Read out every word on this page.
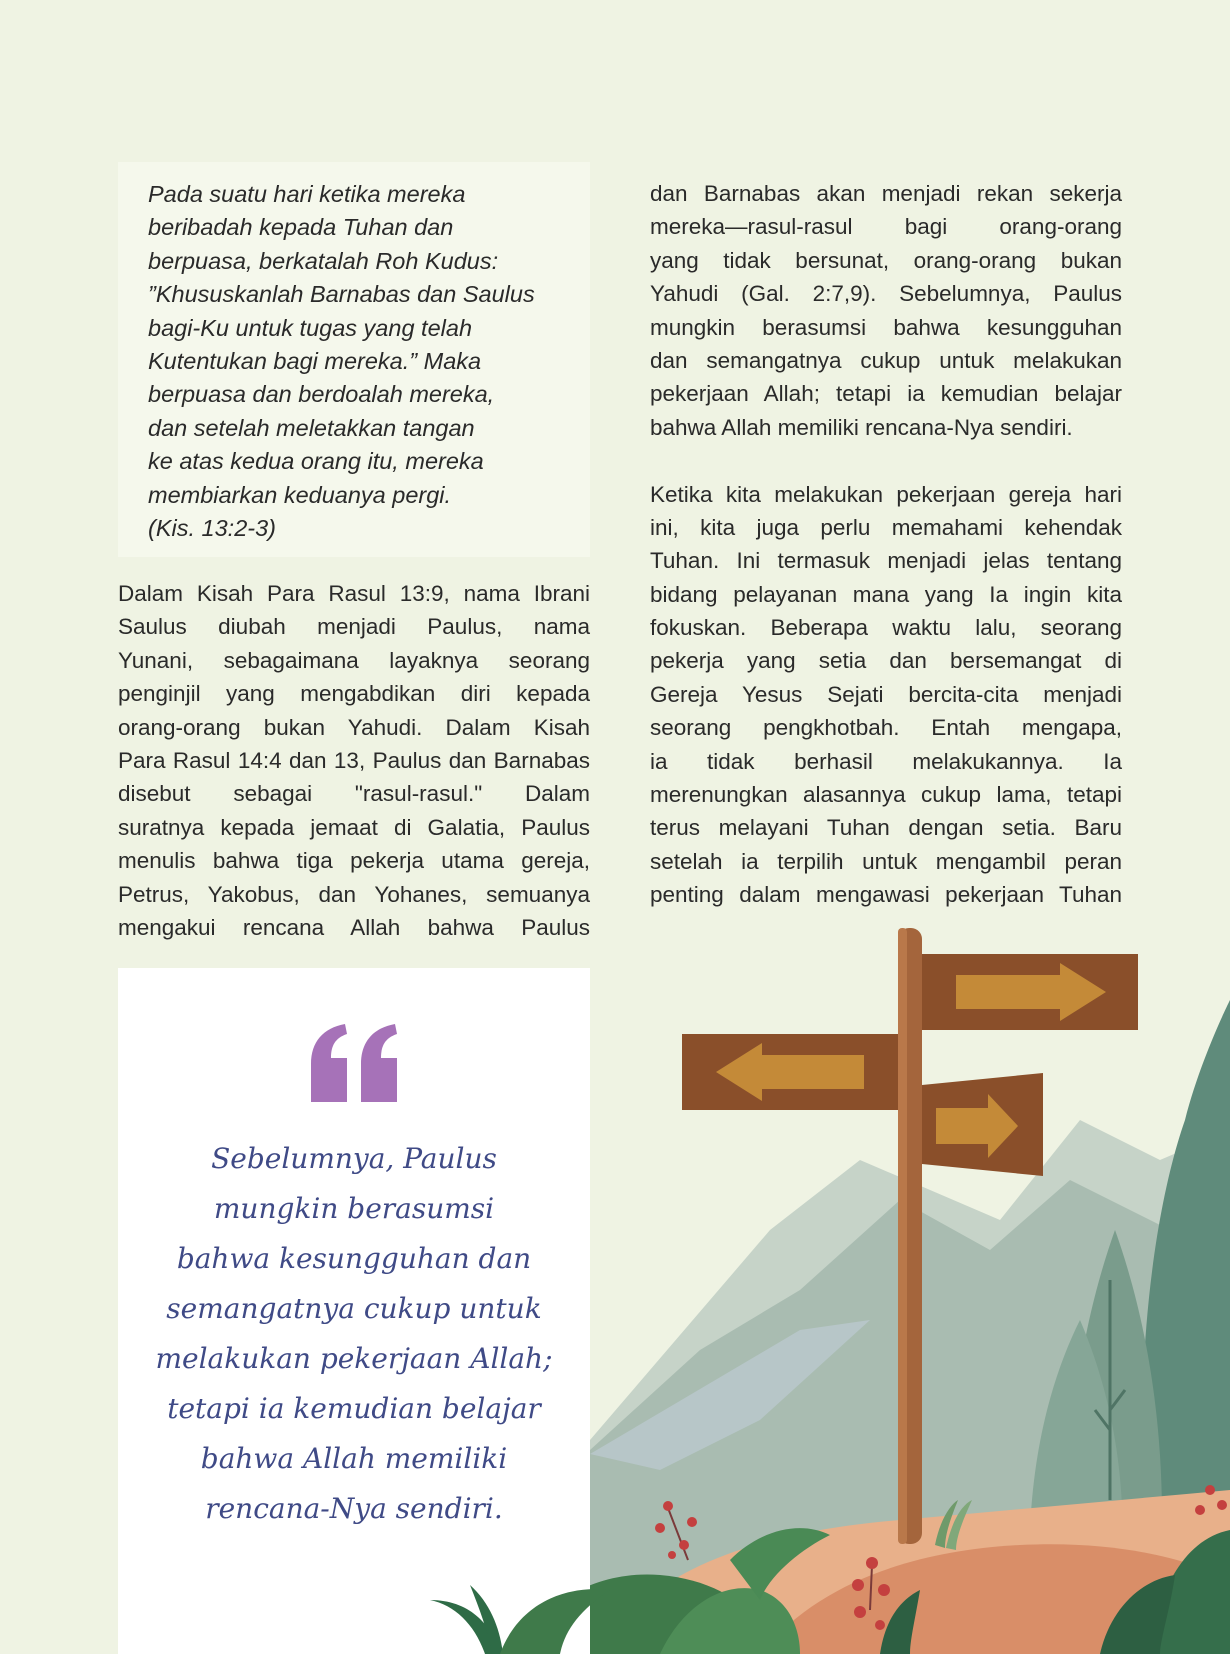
Pada suatu hari ketika mereka
beribadah kepada Tuhan dan
berpuasa, berkatalah Roh Kudus:
”Khususkanlah Barnabas dan Saulus
bagi-Ku untuk tugas yang telah
Kutentukan bagi mereka.” Maka
berpuasa dan berdoalah mereka,
dan setelah meletakkan tangan
ke atas kedua orang itu, mereka
membiarkan keduanya pergi.
(Kis. 13:2-3)
Dalam Kisah Para Rasul 13:9, nama Ibrani
Saulus diubah menjadi Paulus, nama
Yunani, sebagaimana layaknya seorang
penginjil yang mengabdikan diri kepada
orang-orang bukan Yahudi. Dalam Kisah
Para Rasul 14:4 dan 13, Paulus dan Barnabas
disebut sebagai "rasul-rasul." Dalam
suratnya kepada jemaat di Galatia, Paulus
menulis bahwa tiga pekerja utama gereja,
Petrus, Yakobus, dan Yohanes, semuanya
mengakui rencana Allah bahwa Paulus
dan Barnabas akan menjadi rekan sekerja
mereka—rasul-rasul bagi orang-orang
yang tidak bersunat, orang-orang bukan
Yahudi (Gal. 2:7,9). Sebelumnya, Paulus
mungkin berasumsi bahwa kesungguhan
dan semangatnya cukup untuk melakukan
pekerjaan Allah; tetapi ia kemudian belajar
bahwa Allah memiliki rencana-Nya sendiri.
Ketika kita melakukan pekerjaan gereja hari
ini, kita juga perlu memahami kehendak
Tuhan. Ini termasuk menjadi jelas tentang
bidang pelayanan mana yang Ia ingin kita
fokuskan. Beberapa waktu lalu, seorang
pekerja yang setia dan bersemangat di
Gereja Yesus Sejati bercita-cita menjadi
seorang pengkhotbah. Entah mengapa,
ia tidak berhasil melakukannya. Ia
merenungkan alasannya cukup lama, tetapi
terus melayani Tuhan dengan setia. Baru
setelah ia terpilih untuk mengambil peran
penting dalam mengawasi pekerjaan Tuhan
Sebelumnya, Paulus
mungkin berasumsi
bahwa kesungguhan dan
semangatnya cukup untuk
melakukan pekerjaan Allah;
tetapi ia kemudian belajar
bahwa Allah memiliki
rencana-Nya sendiri.
